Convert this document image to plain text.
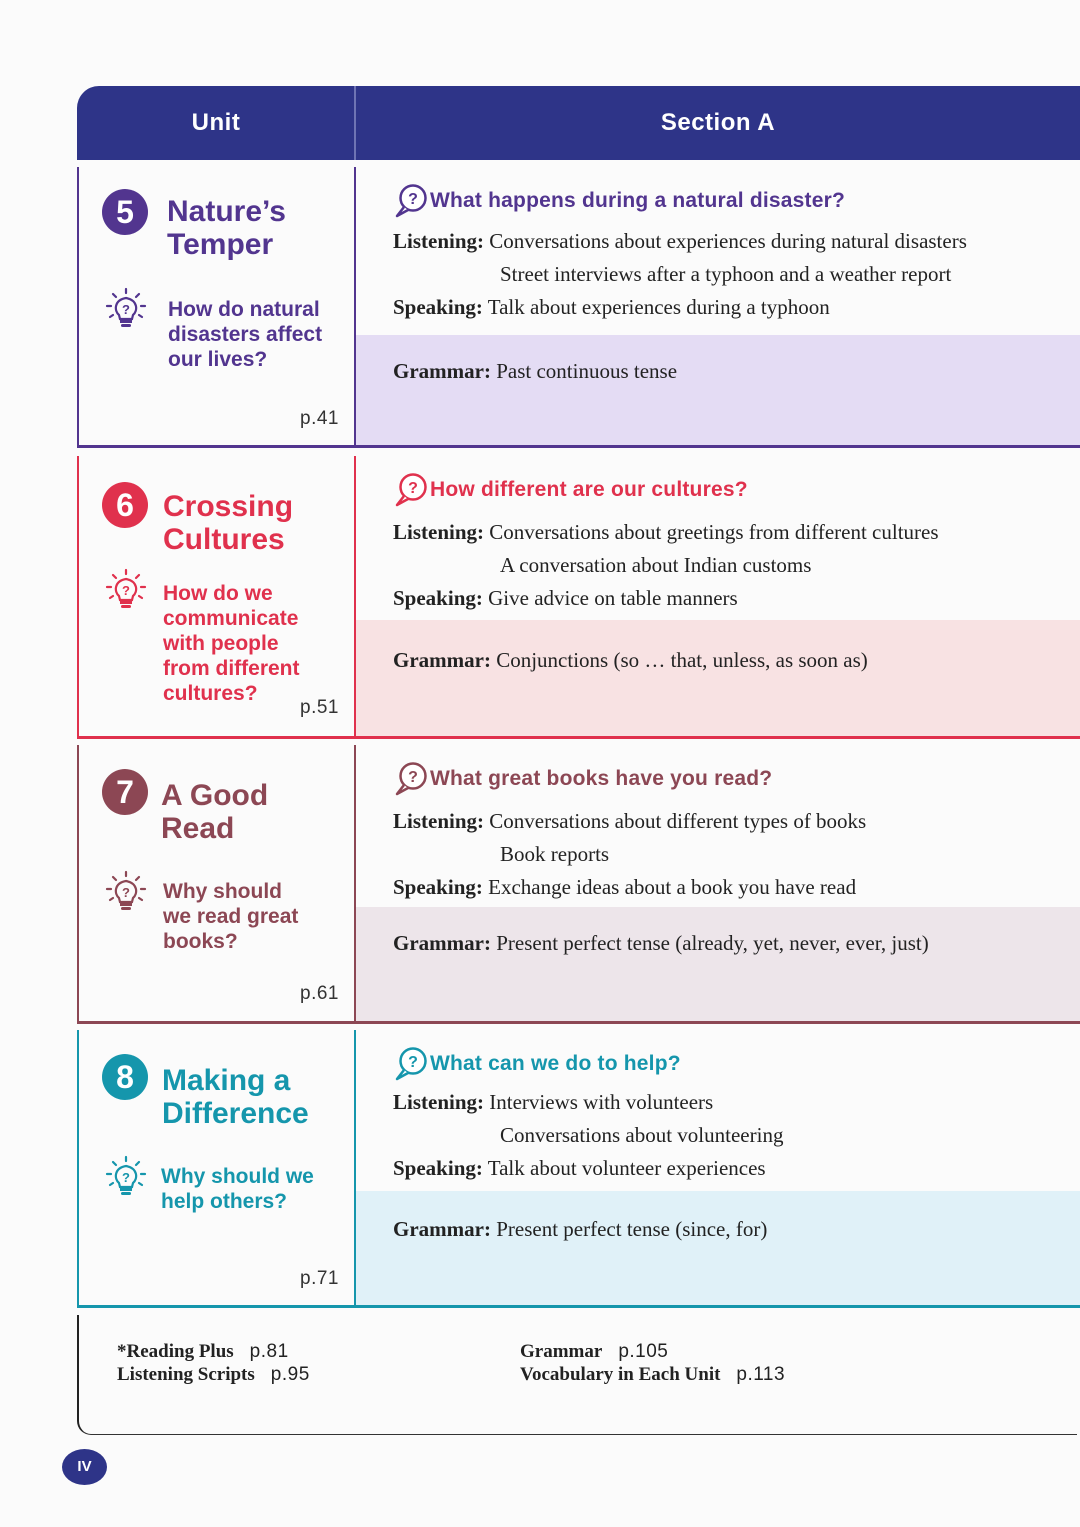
Unit	Section A
5	Nature’s
Temper
? How do natural
disasters affect
our lives?
p.41
Grammar: Past continuous tense
? What happens during a natural disaster?
Listening: Conversations about experiences during natural disasters
Street interviews after a typhoon and a weather report
Speaking: Talk about experiences during a typhoon
6 Crossing
Cultures
? How do we
communicate
with people
from different
cultures?
p.51
Grammar: Conjunctions (so … that, unless, as soon as)
? How different are our cultures?
Listening: Conversations about greetings from different cultures
A conversation about Indian customs
Speaking: Give advice on table manners
7 A Good
Read
? Why should
we read great
books?
p.61
Grammar: Present perfect tense (already, yet, never, ever, just)
? What great books have you read?
Listening: Conversations about different types of books
Book reports
Speaking: Exchange ideas about a book you have read
8 Making a
Difference
? Why should we
help others?
p.71
Grammar: Present perfect tense (since, for)
? What can we do to help?
Listening: Interviews with volunteers
Conversations about volunteering
Speaking: Talk about volunteer experiences
*Reading Plus p.81
Listening Scripts p.95
Grammar p.105
Vocabulary in Each Unit p.113
IV
